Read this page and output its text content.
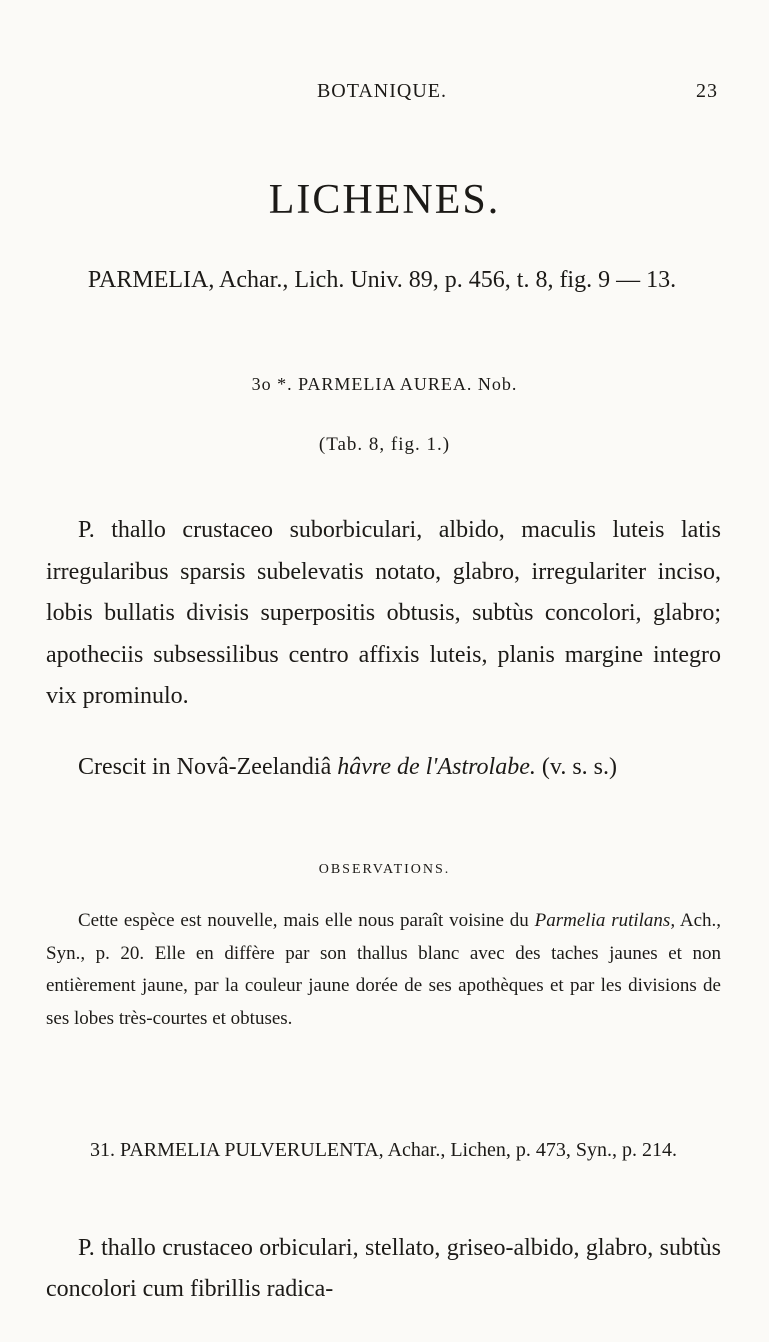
BOTANIQUE.	23
LICHENES.
PARMELIA, Achar., Lich. Univ. 89, p. 456, t. 8, fig. 9 — 13.
3o *. PARMELIA AUREA. Nob.
(Tab. 8, fig. 1.)

P. thallo crustaceo suborbiculari, albido, maculis luteis latis irregularibus sparsis subelevatis notato, glabro, irregulariter inciso, lobis bullatis divisis superpositis obtusis, subtùs concolori, glabro; apotheciis subsessilibus centro affixis luteis, planis margine integro vix prominulo.

Crescit in Novâ-Zeelandiâ hâvre de l'Astrolabe. (v. s. s.)

OBSERVATIONS.

Cette espèce est nouvelle, mais elle nous paraît voisine du Parmelia rutilans, Ach., Syn., p. 20. Elle en diffère par son thallus blanc avec des taches jaunes et non entièrement jaune, par la couleur jaune dorée de ses apothèques et par les divisions de ses lobes très-courtes et obtuses.

31. PARMELIA PULVERULENTA, Achar., Lichen, p. 473, Syn., p. 214.

P. thallo crustaceo orbiculari, stellato, griseo-albido, glabro, subtùs concolori cum fibrillis radica-
